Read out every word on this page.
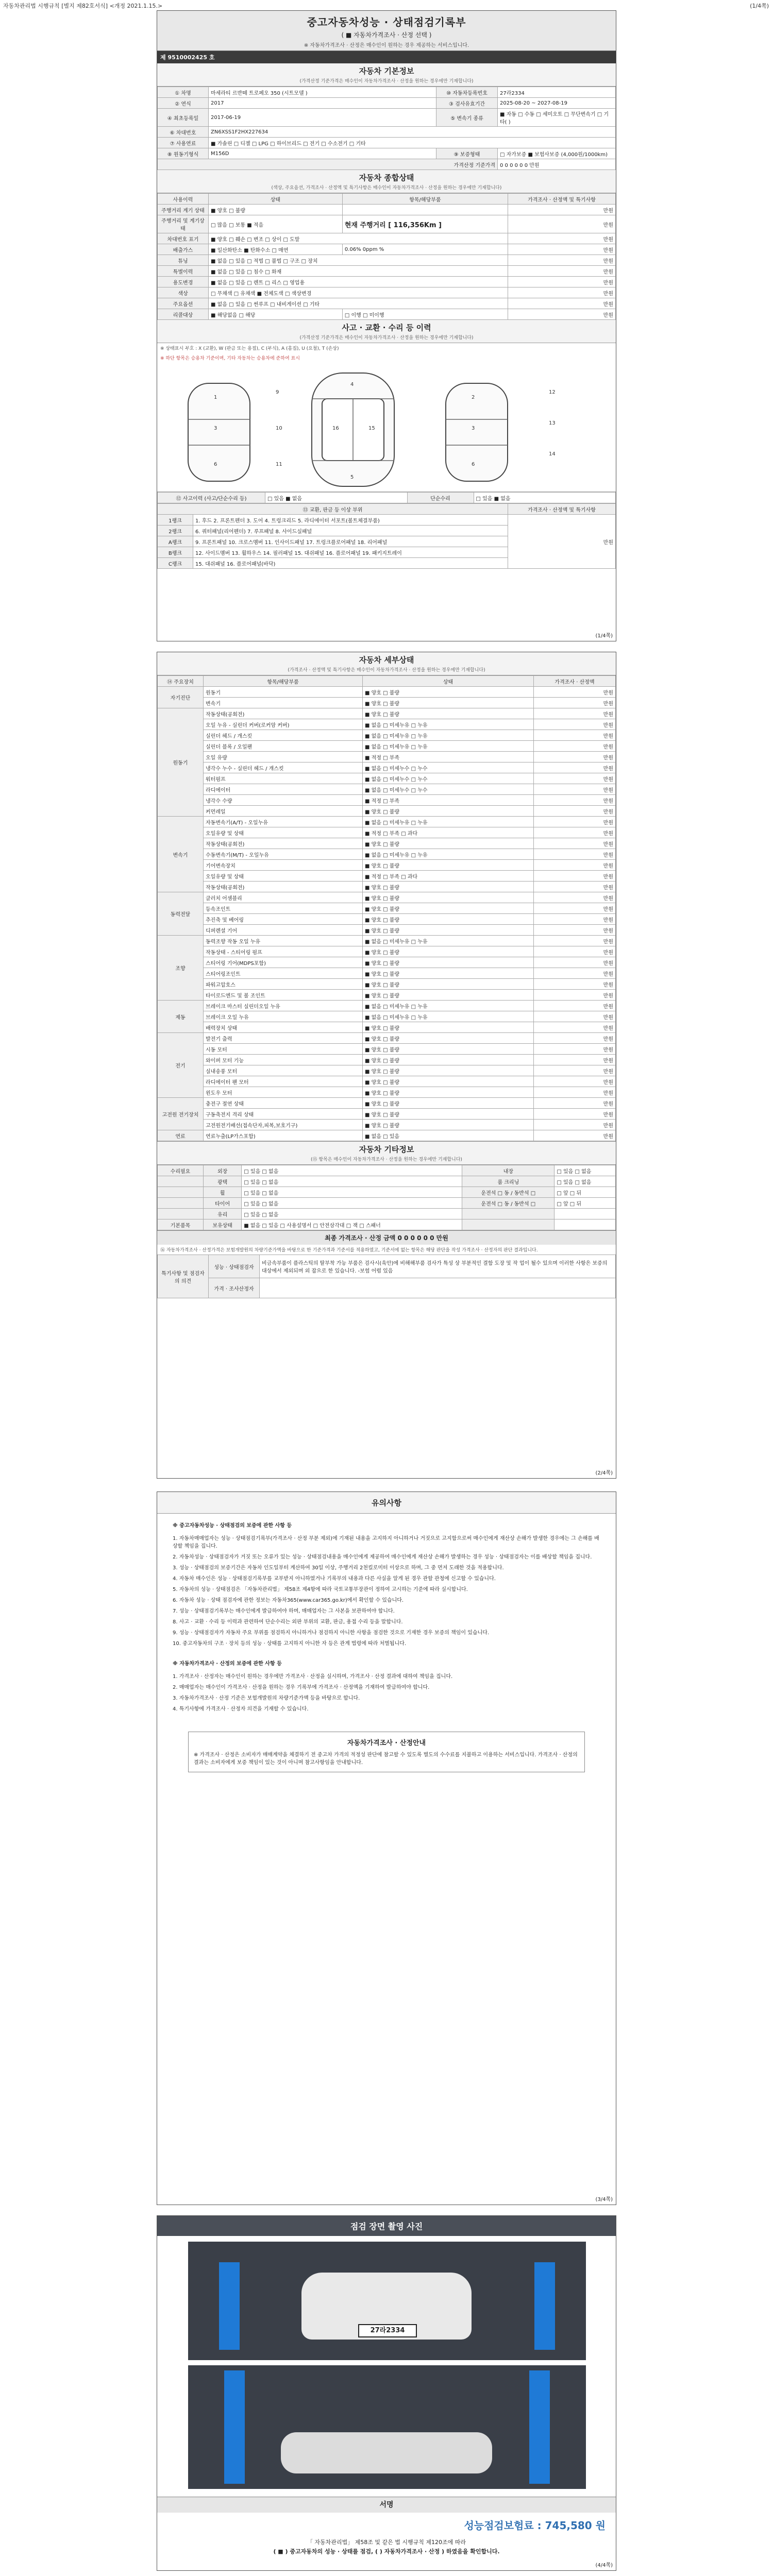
자동차관리법 시행규칙 [별지 제82호서식] <개정 2021.1.15.>	(1/4쪽)
중고자동차성능 · 상태점검기록부
( ■ 자동차가격조사 · 산정 선택 )
※ 자동차가격조사 · 산정은 매수인이 원하는 경우 제공하는 서비스입니다.
제 9510002425 호
자동차 기본정보
(가격산정 기준가격은 매수인이 자동차가격조사 · 산정을 원하는 경우에만 기재합니다)
① 차명	마세라티 르반떼 트로페오 350 (시트모델 )	⑩ 자동차등록번호	27라2334
② 연식	2017	③ 검사유효기간	2025-08-20 ~ 2027-08-19
④ 최초등록일	2017-06-19	⑤ 변속기 종류	■ 자동 □ 수동 □ 세미오토 □ 무단변속기 □ 기타( )
⑥ 차대번호	ZN6XSS1F2HX227634		
⑦ 사용연료	■ 가솔린 □ 디젤 □ LPG □ 하이브리드 □ 전기 □ 수소전기 □ 기타		
⑧ 원동기형식	M156D	⑨ 보증형태	□ 자가보증 ■ 보험사보증 (4,000원/1000km)
가격산정 기준가격			0 0 0 0 0 0 만원
자동차 종합상태
(색상, 주요옵션, 가격조사 · 산정액 및 특기사항은 매수인이 자동차가격조사 · 산정을 원하는 경우에만 기재합니다)
사용이력	상태	항목/해당부품	가격조사 · 산정액 및 특기사항
주행거리 계기 상태	■ 양호 □ 불량		만원
주행거리 및 계기상태	□ 많음 □ 보통 ■ 적음	현재 주행거리 [ 116,356Km ]	만원
차대번호 표기	■ 양호 □ 훼손 □ 변조 □ 상이 □ 도말		만원
배출가스	■ 일산화탄소 ■ 탄화수소 □ 매연	0.06% 0ppm %	만원
튜닝	■ 없음 □ 있음 □ 적법 □ 불법 □ 구조 □ 장치		만원
특별이력	■ 없음 □ 있음 □ 침수 □ 화재		만원
용도변경	■ 없음 □ 있음 □ 렌트 □ 리스 □ 영업용		만원
색상	□ 무채색 □ 유채색 ■ 전체도색 □ 색상변경		만원
주요옵션	■ 없음 □ 있음 □ 썬루프 □ 내비게이션 □ 기타		만원
리콜대상	■ 해당없음 □ 해당	□ 이행 □ 미이행	만원
사고 · 교환 · 수리 등 이력
(가격산정 기준가격은 매수인이 자동차가격조사 · 산정을 원하는 경우에만 기재합니다)
※ 상태표시 부호 : X (교환), W (판금 또는 용접), C (부식), A (흠집), U (요철), T (손상)
※ 하단 항목은 승용차 기준이며, 기타 자동차는 승용차에 준하여 표시
1
3
6
2
3
6
4
16	15
5
12
13
14
9
10
11
⑫ 사고이력 (사고/단순수리 등)	□ 있음 ■ 없음	단순수리	□ 있음 ■ 없음
⑬ 교환, 판금 등 이상 부위		가격조사 · 산정액 및 특기사항
1랭크	1. 후드 2. 프론트펜더 3. 도어 4. 트렁크리드 5. 라디에이터 서포트(볼트체결부품)	만원
2랭크	6. 쿼터패널(리어펜더) 7. 루프패널 8. 사이드실패널	
A랭크	9. 프론트패널 10. 크로스멤버 11. 인사이드패널 17. 트렁크플로어패널 18. 리어패널	
B랭크	12. 사이드멤버 13. 휠하우스 14. 필러패널 15. 대쉬패널 16. 플로어패널 19. 패키지트레이	
C랭크	15. 대쉬패널 16. 플로어패널(바닥)	
(1/4쪽)
자동차 세부상태
(가격조사 · 산정액 및 특기사항은 매수인이 자동차가격조사 · 산정을 원하는 경우에만 기재합니다)
⑭ 주요장치	항목/해당부품	상태	가격조사 · 산정액
자기진단	원동기	■ 양호 □ 불량	만원
	변속기	■ 양호 □ 불량	만원
원동기	작동상태(공회전)	■ 양호 □ 불량	만원
	오일 누유 - 실린더 커버(로커암 커버)	■ 없음 □ 미세누유 □ 누유	만원
	실린더 헤드 / 개스킷	■ 없음 □ 미세누유 □ 누유	만원
	실린더 블록 / 오일팬	■ 없음 □ 미세누유 □ 누유	만원
	오일 유량	■ 적정 □ 부족	만원
	냉각수 누수 - 실린더 헤드 / 개스킷	■ 없음 □ 미세누수 □ 누수	만원
	워터펌프	■ 없음 □ 미세누수 □ 누수	만원
	라디에이터	■ 없음 □ 미세누수 □ 누수	만원
	냉각수 수량	■ 적정 □ 부족	만원
	커먼레일	■ 양호 □ 불량	만원
변속기	자동변속기(A/T) - 오일누유	■ 없음 □ 미세누유 □ 누유	만원
	오일유량 및 상태	■ 적정 □ 부족 □ 과다	만원
	작동상태(공회전)	■ 양호 □ 불량	만원
	수동변속기(M/T) - 오일누유	■ 없음 □ 미세누유 □ 누유	만원
	기어변속장치	■ 양호 □ 불량	만원
	오일유량 및 상태	■ 적정 □ 부족 □ 과다	만원
	작동상태(공회전)	■ 양호 □ 불량	만원
동력전달	클러치 어셈블리	■ 양호 □ 불량	만원
	등속조인트	■ 양호 □ 불량	만원
	추진축 및 베어링	■ 양호 □ 불량	만원
	디퍼렌셜 기어	■ 양호 □ 불량	만원
조향	동력조향 작동 오일 누유	■ 없음 □ 미세누유 □ 누유	만원
	작동상태 - 스티어링 펌프	■ 양호 □ 불량	만원
	스티어링 기어(MDPS포함)	■ 양호 □ 불량	만원
	스티어링조인트	■ 양호 □ 불량	만원
	파워고압호스	■ 양호 □ 불량	만원
	타이로드엔드 및 볼 조인트	■ 양호 □ 불량	만원
제동	브레이크 마스터 실린더오일 누유	■ 없음 □ 미세누유 □ 누유	만원
	브레이크 오일 누유	■ 없음 □ 미세누유 □ 누유	만원
	배력장치 상태	■ 양호 □ 불량	만원
전기	발전기 출력	■ 양호 □ 불량	만원
	시동 모터	■ 양호 □ 불량	만원
	와이퍼 모터 기능	■ 양호 □ 불량	만원
	실내송풍 모터	■ 양호 □ 불량	만원
	라디에이터 팬 모터	■ 양호 □ 불량	만원
	윈도우 모터	■ 양호 □ 불량	만원
고전원 전기장치	충전구 절연 상태	■ 양호 □ 불량	만원
	구동축전지 격리 상태	■ 양호 □ 불량	만원
	고전원전기배선(접속단자,피복,보호기구)	■ 양호 □ 불량	만원
연료	연료누출(LP가스포함)	■ 없음 □ 있음	만원
자동차 기타정보
(⑮ 항목은 매수인이 자동차가격조사 · 산정을 원하는 경우에만 기재합니다)
수리필요	외장	□ 있음 □ 없음	내장	□ 있음 □ 없음
	광택	□ 있음 □ 없음	룸 크리닝	□ 있음 □ 없음
	휠	□ 있음 □ 없음	운전석 □ 동 / 동반석 □	□ 앞 □ 뒤
	타이어	□ 있음 □ 없음	운전석 □ 동 / 동반석 □	□ 앞 □ 뒤
	유리	□ 있음 □ 없음		
기본품목	보유상태	■ 없음 □ 있음 □ 사용설명서 □ 안전삼각대 □ 잭 □ 스패너		
최종 가격조사 · 산정 금액 0 0 0 0 0 0 만원
⑯ 자동차가격조사 · 산정가격은 보험개발원의 차량기준가액을 바탕으로 한 기준가격과 기준서를 적용하였고, 기준서에 없는 항목은 해당 판단을 작성 가격조사 · 산정자의 판단 결과입니다.
특기사항 및 점검자의 의견	성능 · 상태점검자	비금속부품이 플라스틱의 탈부착 가능 부품은 검사시(육안)에 비해해부품 검사가 특성 상 부분적인 결함 도장 및 작 업이 될수 있으며 이러한 사항은 보증의 대상에서 제외되며 외 잡으로 한 있습니다. -보험 어렵 있음
	가격 · 조사산정자	
(2/4쪽)
유의사항
※ 중고자동차성능 · 상태점검의 보증에 관한 사항 등

1. 자동차매매업자는 성능 · 상태점검기록부(가격조사 · 산정 부분 제외)에 기재된 내용을 고지하지 아니하거나 거짓으로 고지함으로써 매수인에게 재산상 손해가 발생한 경우에는 그 손해를 배상할 책임을 집니다.

2. 자동차성능 · 상태점검자가 거짓 또는 오류가 있는 성능 · 상태점검내용을 매수인에게 제공하여 매수인에게 재산상 손해가 발생하는 경우 성능 · 상태점검자는 이를 배상할 책임을 집니다.

3. 성능 · 상태점검의 보증기간은 자동차 인도일부터 계산하여 30일 이상, 주행거리 2천킬로미터 이상으로 하며, 그 중 먼저 도래한 것을 적용합니다.

4. 자동차 매수인은 성능 · 상태점검기록부를 교부받지 아니하였거나 기록부의 내용과 다른 사실을 알게 된 경우 관할 관청에 신고할 수 있습니다.

5. 자동차의 성능 · 상태점검은 「자동차관리법」 제58조 제4항에 따라 국토교통부장관이 정하여 고시하는 기준에 따라 실시합니다.

6. 자동차 성능 · 상태 점검자에 관한 정보는 자동차365(www.car365.go.kr)에서 확인할 수 있습니다.

7. 성능 · 상태점검기록부는 매수인에게 발급하여야 하며, 매매업자는 그 사본을 보관하여야 합니다.

8. 사고 · 교환 · 수리 등 이력과 관련하여 단순수리는 외판 부위의 교환, 판금, 용접 수리 등을 말합니다.

9. 성능 · 상태점검자가 자동차 주요 부위를 점검하지 아니하거나 점검하지 아니한 사항을 점검한 것으로 기재한 경우 보증의 책임이 있습니다.

10. 중고자동차의 구조 · 장치 등의 성능 · 상태를 고지하지 아니한 자 등은 관계 법령에 따라 처벌됩니다.

※ 자동차가격조사 · 산정의 보증에 관한 사항 등

1. 가격조사 · 산정자는 매수인이 원하는 경우에만 가격조사 · 산정을 실시하며, 가격조사 · 산정 결과에 대하여 책임을 집니다.

2. 매매업자는 매수인이 가격조사 · 산정을 원하는 경우 기록부에 가격조사 · 산정액을 기재하여 발급하여야 합니다.

3. 자동차가격조사 · 산정 기준은 보험개발원의 차량기준가액 등을 바탕으로 합니다.

4. 특기사항에 가격조사 · 산정자 의견을 기재할 수 있습니다.

자동차가격조사 · 산정안내
※ 가격조사 · 산정은 소비자가 매매계약을 체결하기 전 중고차 가격의 적정성 판단에 참고할 수 있도록 별도의 수수료를 지불하고 이용하는 서비스입니다. 가격조사 · 산정의 결과는 소비자에게 보증 책임이 있는 것이 아니며 참고사항임을 안내합니다.
(3/4쪽)
점검 장면 촬영 사진
27라2334
서명
성능점검보험료 : 745,580 원
「 자동차관리법」 제58조 및 같은 법 시행규칙 제120조에 따라
( ■ ) 중고자동차의 성능 · 상태를 점검, ( ) 자동차가격조사 · 산정 ) 하였음을 확인합니다.
(4/4쪽)
